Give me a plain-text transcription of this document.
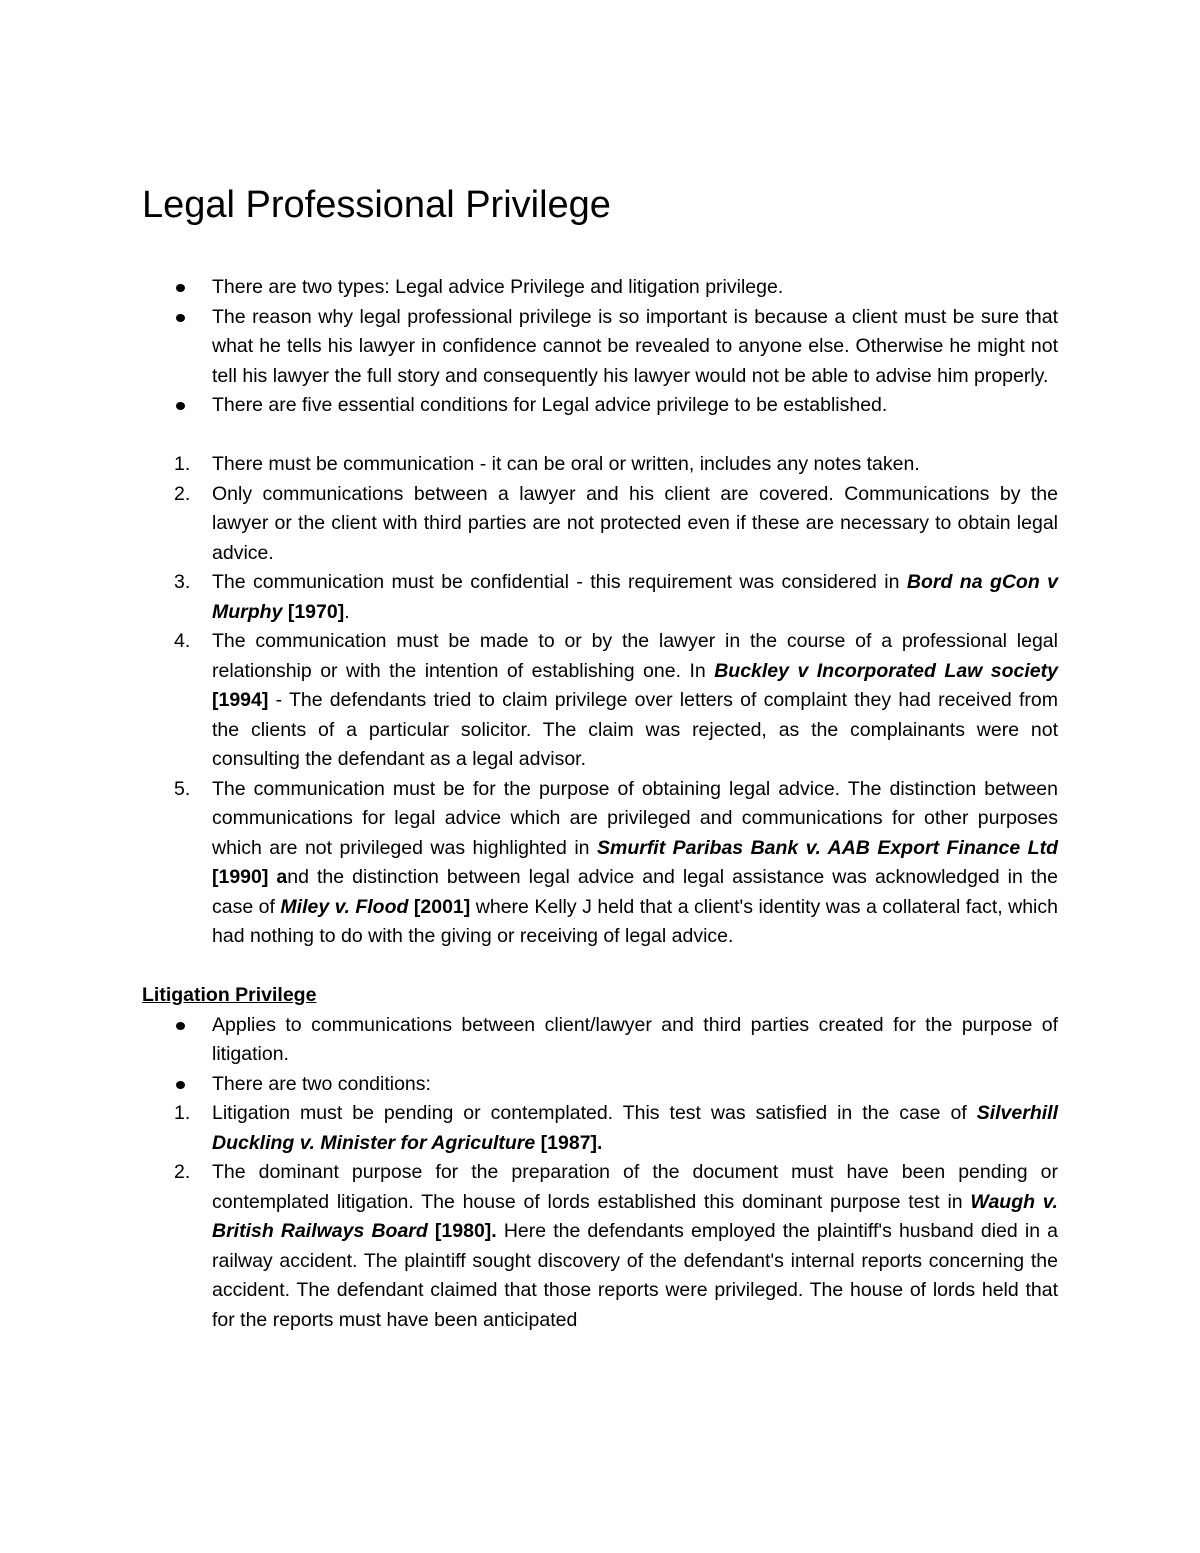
Legal Professional Privilege
There are two types: Legal advice Privilege and litigation privilege.
The reason why legal professional privilege is so important is because a client must be sure that what he tells his lawyer in confidence cannot be revealed to anyone else. Otherwise he might not tell his lawyer the full story and consequently his lawyer would not be able to advise him properly.
There are five essential conditions for Legal advice privilege to be established.
1.	There must be communication - it can be oral or written, includes any notes taken.
2.	Only communications between a lawyer and his client are covered. Communications by the lawyer or the client with third parties are not protected even if these are necessary to obtain legal advice.
3.	The communication must be confidential - this requirement was considered in Bord na gCon v Murphy [1970].
4.	The communication must be made to or by the lawyer in the course of a professional legal relationship or with the intention of establishing one. In Buckley v Incorporated Law society [1994] - The defendants tried to claim privilege over letters of complaint they had received from the clients of a particular solicitor. The claim was rejected, as the complainants were not consulting the defendant as a legal advisor.
5.	The communication must be for the purpose of obtaining legal advice. The distinction between communications for legal advice which are privileged and communications for other purposes which are not privileged was highlighted in Smurfit Paribas Bank v. AAB Export Finance Ltd [1990] and the distinction between legal advice and legal assistance was acknowledged in the case of Miley v. Flood [2001] where Kelly J held that a client's identity was a collateral fact, which had nothing to do with the giving or receiving of legal advice.
Litigation Privilege
Applies to communications between client/lawyer and third parties created for the purpose of litigation.
There are two conditions:
1.	Litigation must be pending or contemplated. This test was satisfied in the case of Silverhill Duckling v. Minister for Agriculture [1987].
2.	The dominant purpose for the preparation of the document must have been pending or contemplated litigation. The house of lords established this dominant purpose test in Waugh v. British Railways Board [1980]. Here the defendants employed the plaintiff's husband died in a railway accident. The plaintiff sought discovery of the defendant's internal reports concerning the accident. The defendant claimed that those reports were privileged. The house of lords held that for the reports must have been anticipated
